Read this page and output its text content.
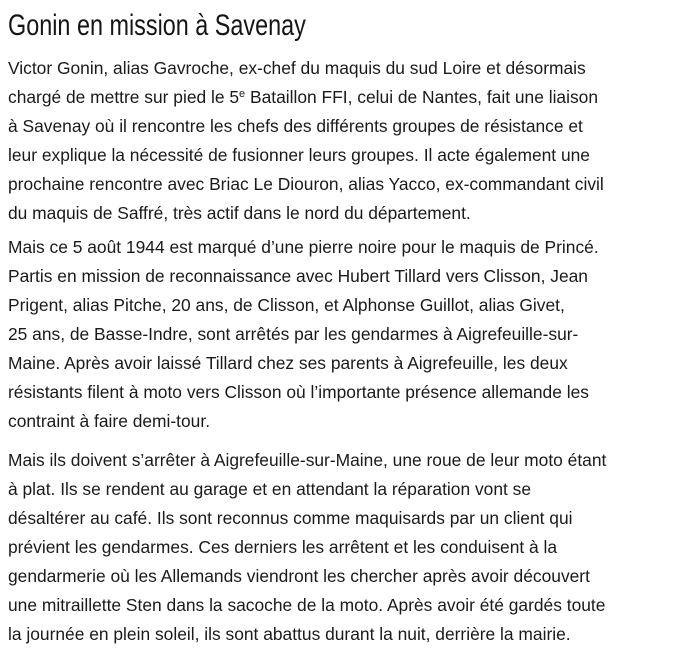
Gonin en mission à Savenay
Victor Gonin, alias Gavroche, ex-chef du maquis du sud Loire et désormais
chargé de mettre sur pied le 5e Bataillon FFI, celui de Nantes, fait une liaison
à Savenay où il rencontre les chefs des différents groupes de résistance et
leur explique la nécessité de fusionner leurs groupes. Il acte également une
prochaine rencontre avec Briac Le Diouron, alias Yacco, ex-commandant civil
du maquis de Saffré, très actif dans le nord du département.
Mais ce 5 août 1944 est marqué d’une pierre noire pour le maquis de Princé.
Partis en mission de reconnaissance avec Hubert Tillard vers Clisson, Jean
Prigent, alias Pitche, 20 ans, de Clisson, et Alphonse Guillot, alias Givet,
25 ans, de Basse-Indre, sont arrêtés par les gendarmes à Aigrefeuille-sur-
Maine. Après avoir laissé Tillard chez ses parents à Aigrefeuille, les deux
résistants filent à moto vers Clisson où l’importante présence allemande les
contraint à faire demi-tour.
Mais ils doivent s’arrêter à Aigrefeuille-sur-Maine, une roue de leur moto étant
à plat. Ils se rendent au garage et en attendant la réparation vont se
désaltérer au café. Ils sont reconnus comme maquisards par un client qui
prévient les gendarmes. Ces derniers les arrêtent et les conduisent à la
gendarmerie où les Allemands viendront les chercher après avoir découvert
une mitraillette Sten dans la sacoche de la moto. Après avoir été gardés toute
la journée en plein soleil, ils sont abattus durant la nuit, derrière la mairie.
